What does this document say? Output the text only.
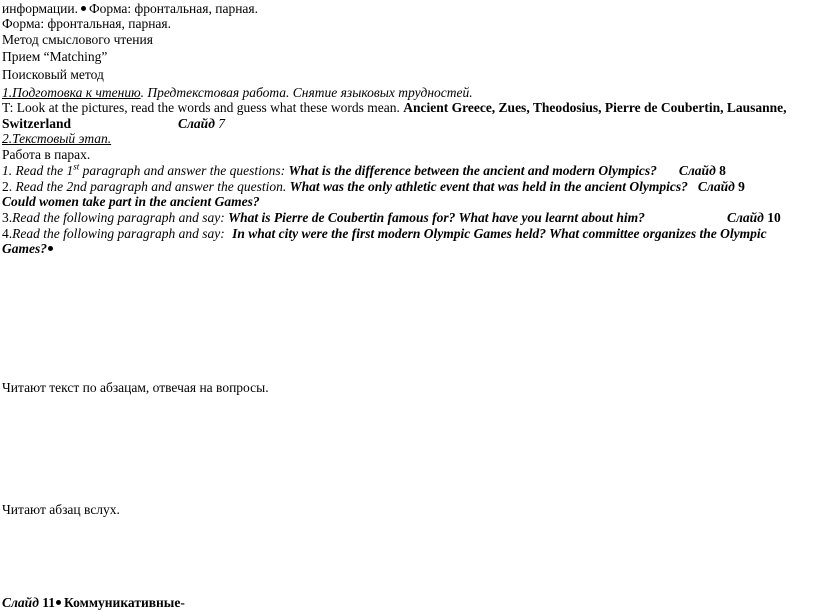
информации. Форма: фронтальная, парная.
Форма: фронтальная, парная.
Метод смыслового чтения
Прием “Matching”
Поисковый метод
1.Подготовка к чтению. Предтекстовая работа. Снятие языковых трудностей.
T: Look at the pictures, read the words and guess what these words mean. Ancient Greece, Zues, Theodosius, Pierre de Coubertin, Lausanne,
Switzerland	Слайд 7
2.Текстовый этап.
Работа в парах.
1. Read the 1st paragraph and answer the questions: What is the difference between the ancient and modern Olympics? Слайд 8
2. Read the 2nd paragraph and answer the question. What was the only athletic event that was held in the ancient Olympics? Слайд 9
Could women take part in the ancient Games?
3.Read the following paragraph and say: What is Pierre de Coubertin famous for? What have you learnt about him?	Слайд 10
4.Read the following paragraph and say: In what city were the first modern Olympic Games held? What committee organizes the Olympic
Games?
Читают текст по абзацам, отвечая на вопросы.
Читают абзац вслух.
Слайд 11 Коммуникативные-
